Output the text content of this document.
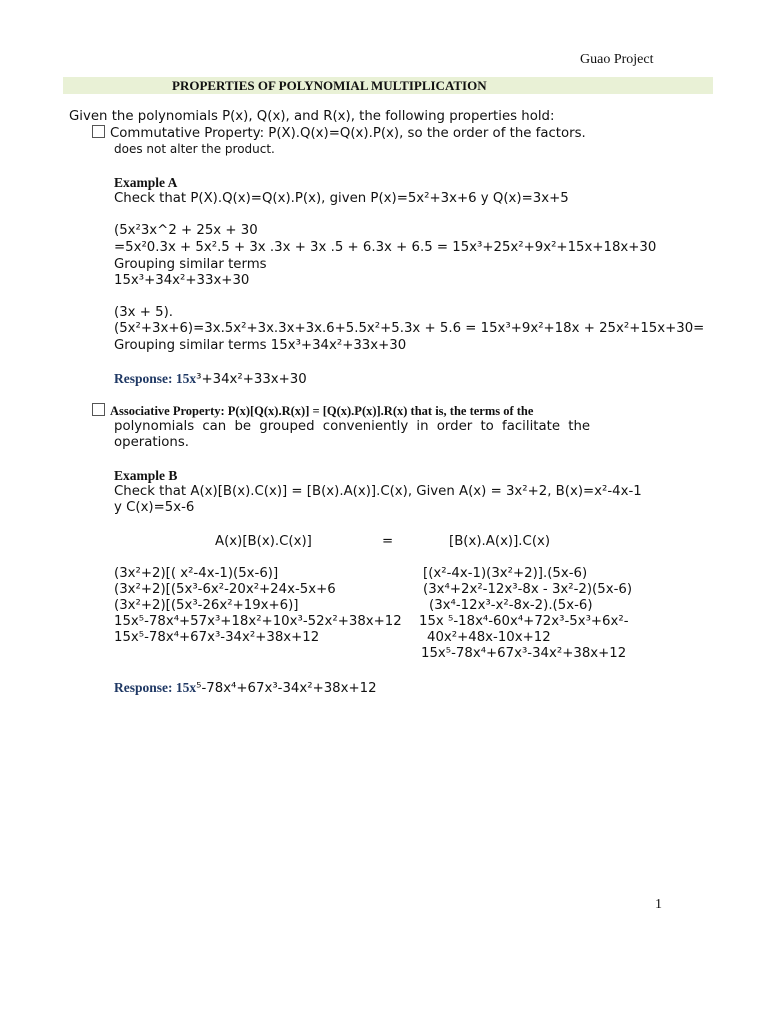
Guao Project
PROPERTIES OF POLYNOMIAL MULTIPLICATION
Given the polynomials P(x), Q(x), and R(x), the following properties hold:
Commutative Property: P(X).Q(x)=Q(x).P(x), so the order of the factors.
does not alter the product.
Example A
Check that P(X).Q(x)=Q(x).P(x), given P(x)=5x²+3x+6 y Q(x)=3x+5
(5x²3x^2 + 25x + 30
=5x²0.3x + 5x².5 + 3x .3x + 3x .5 + 6.3x + 6.5 = 15x³+25x²+9x²+15x+18x+30
Grouping similar terms
15x³+34x²+33x+30
(3x + 5).
(5x²+3x+6)=3x.5x²+3x.3x+3x.6+5.5x²+5.3x + 5.6 = 15x³+9x²+18x + 25x²+15x+30=
Grouping similar terms 15x³+34x²+33x+30
Response: 15x³+34x²+33x+30
Associative Property: P(x)[Q(x).R(x)] = [Q(x).P(x)].R(x) that is, the terms of the
polynomials can be grouped conveniently in order to facilitate the
operations.
Example B
Check that A(x)[B(x).C(x)] = [B(x).A(x)].C(x), Given A(x) = 3x²+2, B(x)=x²-4x-1
y C(x)=5x-6
A(x)[B(x).C(x)]	=	[B(x).A(x)].C(x)
(3x²+2)[( x²-4x-1)(5x-6)]
(3x²+2)[(5x³-6x²-20x²+24x-5x+6
(3x²+2)[(5x³-26x²+19x+6)]
15x⁵-78x⁴+57x³+18x²+10x³-52x²+38x+12
15x⁵-78x⁴+67x³-34x²+38x+12
[(x²-4x-1)(3x²+2)].(5x-6)
(3x⁴+2x²-12x³-8x - 3x²-2)(5x-6)
(3x⁴-12x³-x²-8x-2).(5x-6)
15x ⁵-18x⁴-60x⁴+72x³-5x³+6x²-
40x²+48x-10x+12
15x⁵-78x⁴+67x³-34x²+38x+12
Response: 15x⁵-78x⁴+67x³-34x²+38x+12
1
